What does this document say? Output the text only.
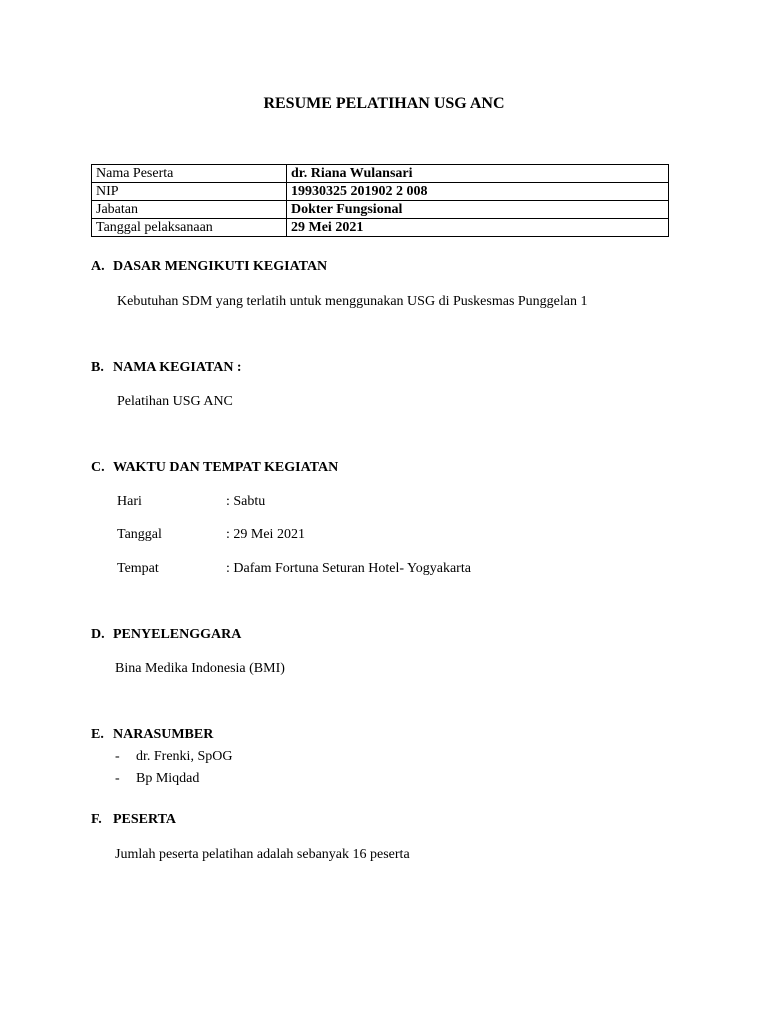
RESUME PELATIHAN USG ANC
Nama Peserta	dr. Riana Wulansari
NIP	19930325 201902 2 008
Jabatan	Dokter Fungsional
Tanggal pelaksanaan	29 Mei 2021
A. DASAR MENGIKUTI KEGIATAN
Kebutuhan SDM yang terlatih untuk menggunakan USG di Puskesmas Punggelan 1
B. NAMA KEGIATAN :
Pelatihan USG ANC
C. WAKTU DAN TEMPAT KEGIATAN
Hari	: Sabtu
Tanggal	: 29 Mei 2021
Tempat	: Dafam Fortuna Seturan Hotel- Yogyakarta
D. PENYELENGGARA
Bina Medika Indonesia (BMI)
E. NARASUMBER
- dr. Frenki, SpOG
- Bp Miqdad
F. PESERTA
Jumlah peserta pelatihan adalah sebanyak 16 peserta
